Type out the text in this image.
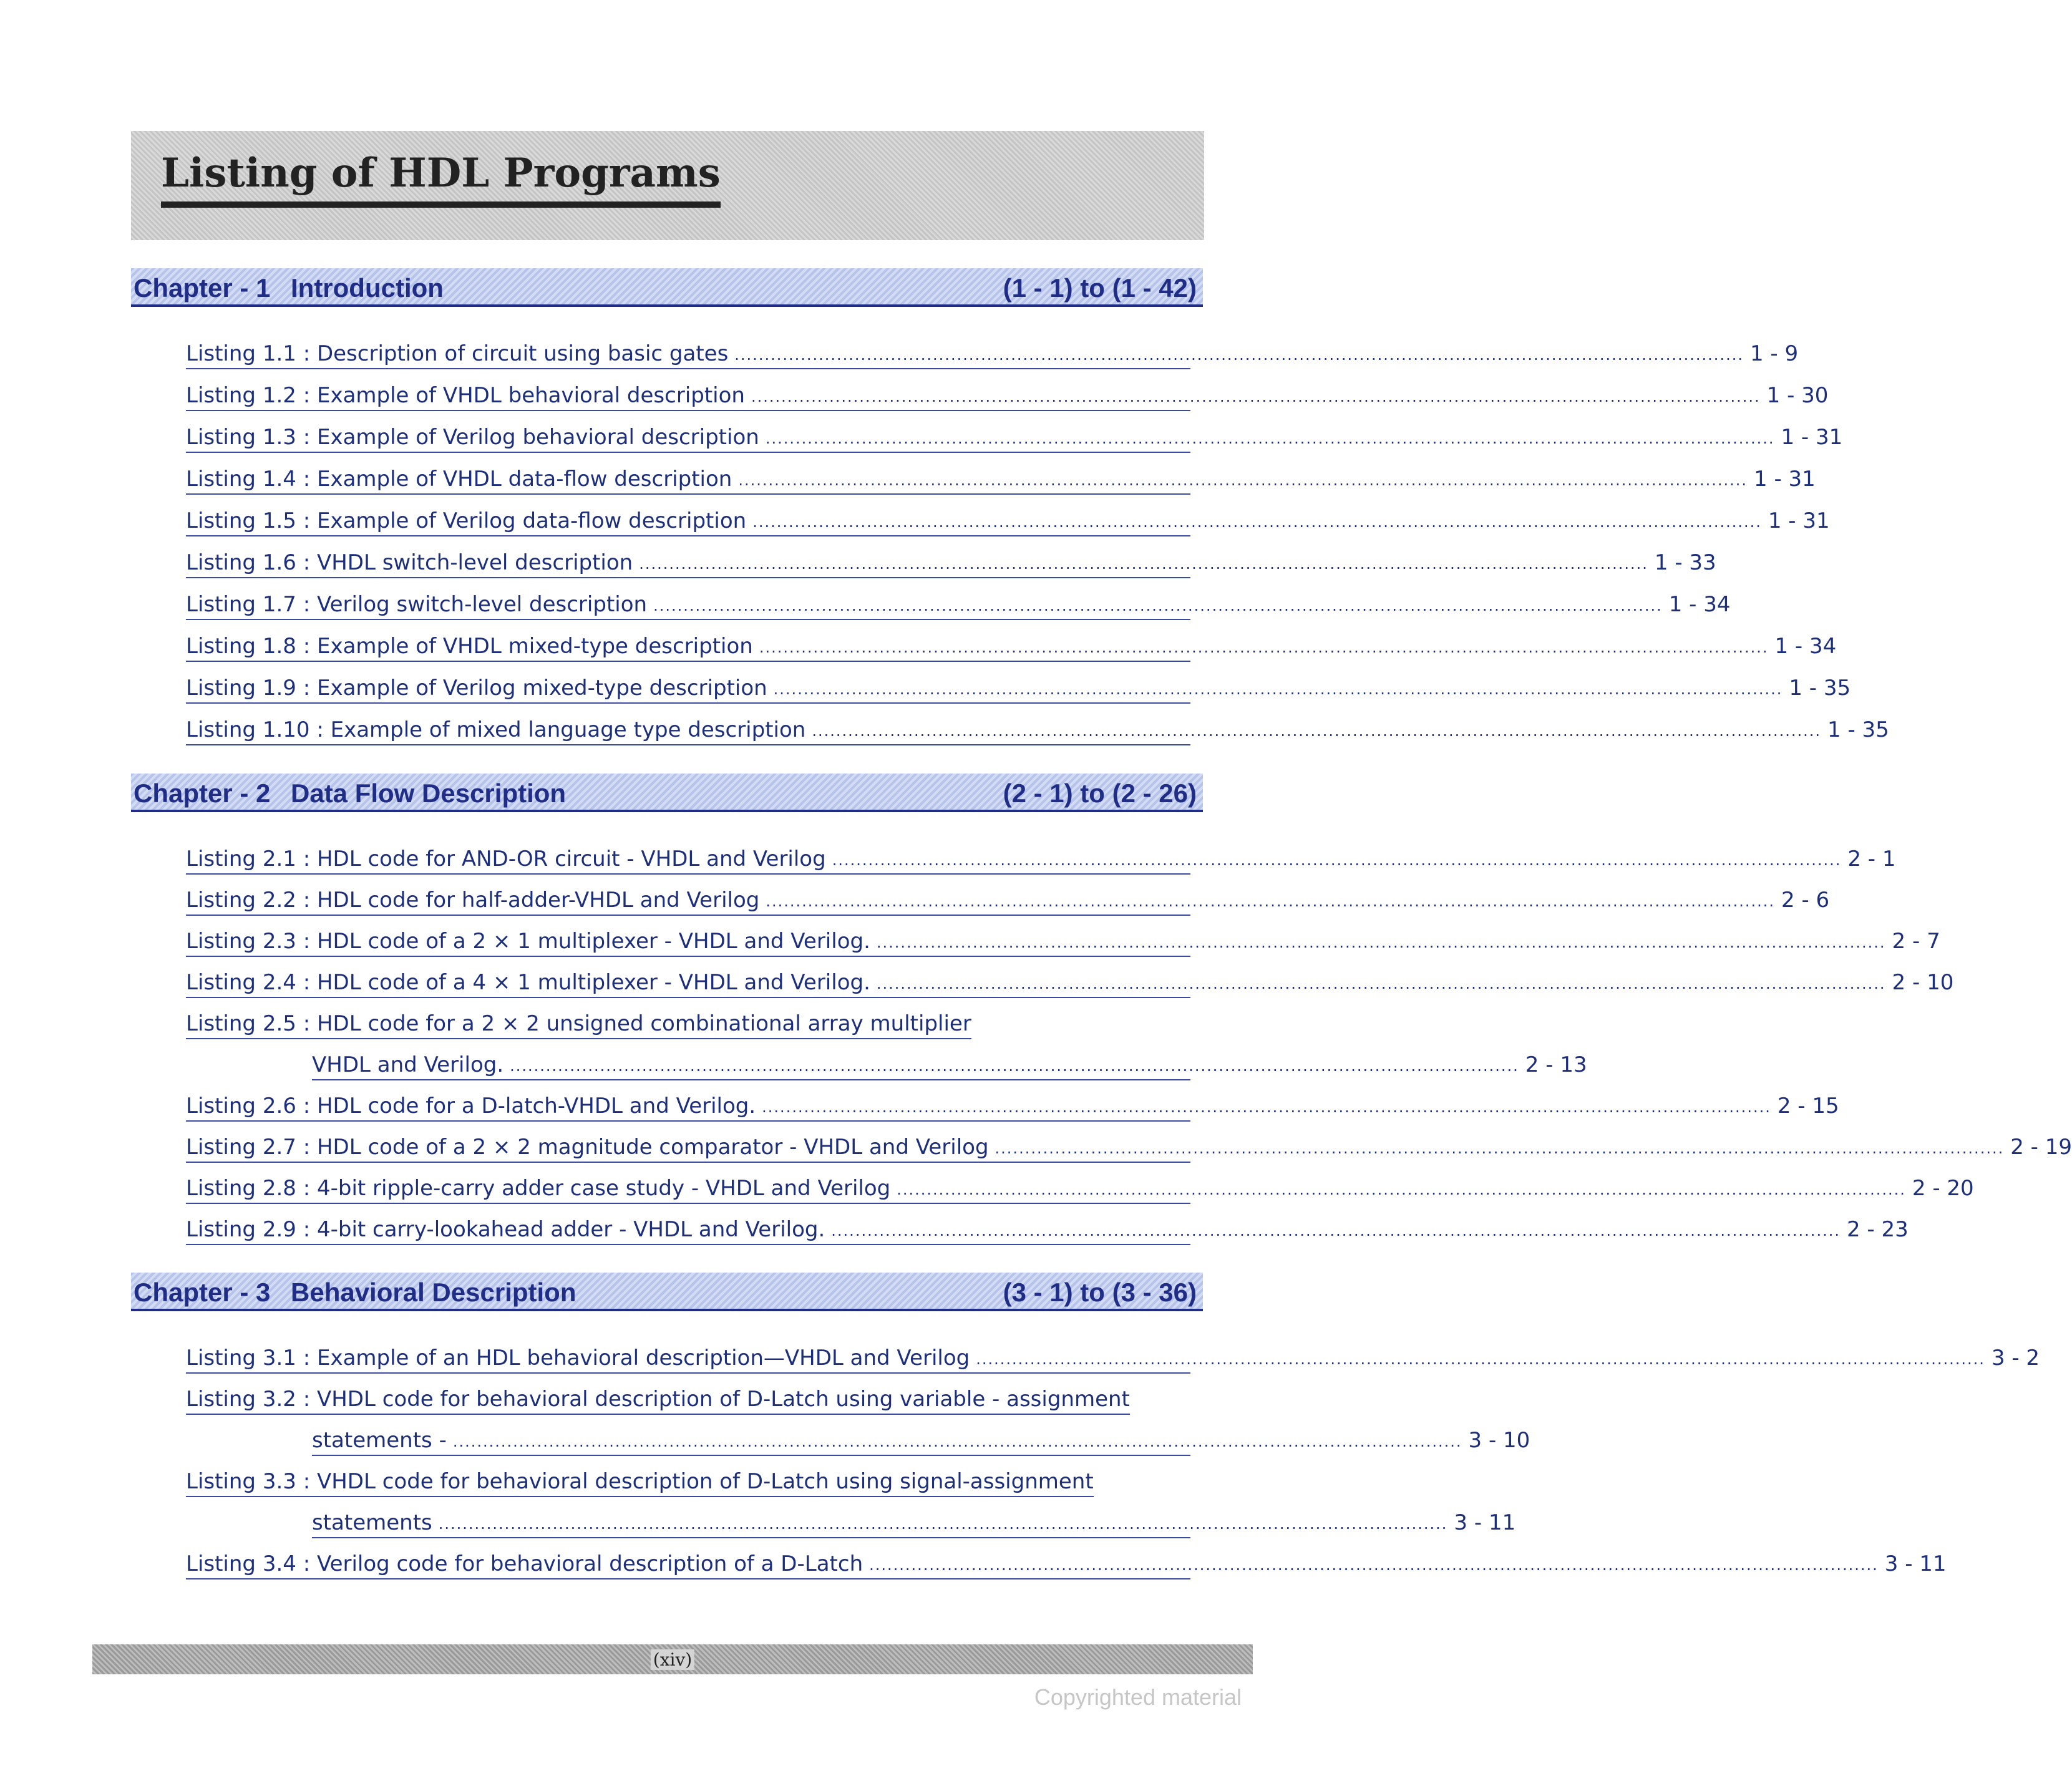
Listing of HDL Programs
Chapter - 1 Introduction	(1 - 1) to (1 - 42)
Listing 1.1 : Description of circuit using basic gates ........................................................................................................................................................................ 1 - 9
Listing 1.2 : Example of VHDL behavioral description ........................................................................................................................................................................ 1 - 30
Listing 1.3 : Example of Verilog behavioral description ........................................................................................................................................................................ 1 - 31
Listing 1.4 : Example of VHDL data-flow description ........................................................................................................................................................................ 1 - 31
Listing 1.5 : Example of Verilog data-flow description ........................................................................................................................................................................ 1 - 31
Listing 1.6 : VHDL switch-level description ........................................................................................................................................................................ 1 - 33
Listing 1.7 : Verilog switch-level description ........................................................................................................................................................................ 1 - 34
Listing 1.8 : Example of VHDL mixed-type description ........................................................................................................................................................................ 1 - 34
Listing 1.9 : Example of Verilog mixed-type description ........................................................................................................................................................................ 1 - 35
Listing 1.10 : Example of mixed language type description ........................................................................................................................................................................ 1 - 35
Chapter - 2 Data Flow Description	(2 - 1) to (2 - 26)
Listing 2.1 : HDL code for AND-OR circuit - VHDL and Verilog ........................................................................................................................................................................ 2 - 1
Listing 2.2 : HDL code for half-adder-VHDL and Verilog ........................................................................................................................................................................ 2 - 6
Listing 2.3 : HDL code of a 2 × 1 multiplexer - VHDL and Verilog. ........................................................................................................................................................................ 2 - 7
Listing 2.4 : HDL code of a 4 × 1 multiplexer - VHDL and Verilog. ........................................................................................................................................................................ 2 - 10
Listing 2.5 : HDL code for a 2 × 2 unsigned combinational array multiplier
VHDL and Verilog. ........................................................................................................................................................................ 2 - 13
Listing 2.6 : HDL code for a D-latch-VHDL and Verilog. ........................................................................................................................................................................ 2 - 15
Listing 2.7 : HDL code of a 2 × 2 magnitude comparator - VHDL and Verilog ........................................................................................................................................................................ 2 - 19
Listing 2.8 : 4-bit ripple-carry adder case study - VHDL and Verilog ........................................................................................................................................................................ 2 - 20
Listing 2.9 : 4-bit carry-lookahead adder - VHDL and Verilog. ........................................................................................................................................................................ 2 - 23
Chapter - 3 Behavioral Description	(3 - 1) to (3 - 36)
Listing 3.1 : Example of an HDL behavioral description—VHDL and Verilog ........................................................................................................................................................................ 3 - 2
Listing 3.2 : VHDL code for behavioral description of D-Latch using variable - assignment
statements - ........................................................................................................................................................................ 3 - 10
Listing 3.3 : VHDL code for behavioral description of D-Latch using signal-assignment
statements ........................................................................................................................................................................ 3 - 11
Listing 3.4 : Verilog code for behavioral description of a D-Latch ........................................................................................................................................................................ 3 - 11
(xiv)
Copyrighted material
